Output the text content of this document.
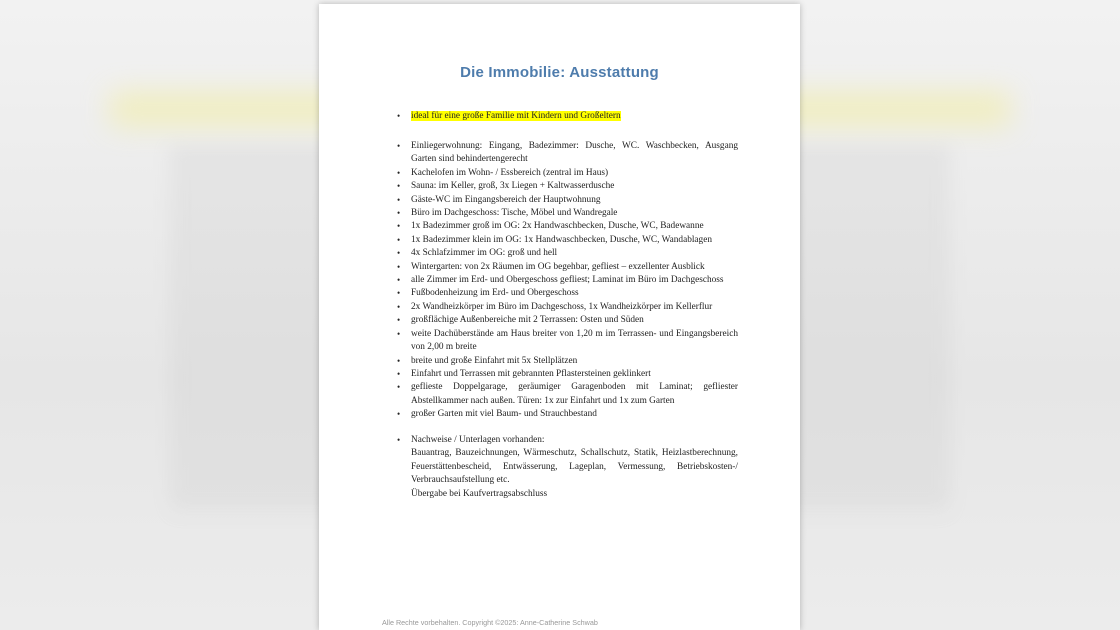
Die Immobilie: Ausstattung
• ideal für eine große Familie mit Kindern und Großeltern
• Einliegerwohnung: Eingang, Badezimmer: Dusche, WC. Waschbecken, Ausgang Garten sind behindertengerecht
• Kachelofen im Wohn- / Essbereich (zentral im Haus)
• Sauna: im Keller, groß, 3x Liegen + Kaltwasserdusche
• Gäste-WC im Eingangsbereich der Hauptwohnung
• Büro im Dachgeschoss: Tische, Möbel und Wandregale
• 1x Badezimmer groß im OG: 2x Handwaschbecken, Dusche, WC, Badewanne
• 1x Badezimmer klein im OG: 1x Handwaschbecken, Dusche, WC, Wandablagen
• 4x Schlafzimmer im OG: groß und hell
• Wintergarten: von 2x Räumen im OG begehbar, gefliest – exzellenter Ausblick
• alle Zimmer im Erd- und Obergeschoss gefliest; Laminat im Büro im Dachgeschoss
• Fußbodenheizung im Erd- und Obergeschoss
• 2x Wandheizkörper im Büro im Dachgeschoss, 1x Wandheizkörper im Kellerflur
• großflächige Außenbereiche mit 2 Terrassen: Osten und Süden
• weite Dachüberstände am Haus breiter von 1,20 m im Terrassen- und Eingangsbereich von 2,00 m breite
• breite und große Einfahrt mit 5x Stellplätzen
• Einfahrt und Terrassen mit gebrannten Pflastersteinen geklinkert
• geflieste Doppelgarage, geräumiger Garagenboden mit Laminat; gefliester Abstellkammer nach außen. Türen: 1x zur Einfahrt und 1x zum Garten
• großer Garten mit viel Baum- und Strauchbestand
• Nachweise / Unterlagen vorhanden:
Bauantrag, Bauzeichnungen, Wärmeschutz, Schallschutz, Statik, Heizlastberechnung, Feuerstättenbescheid, Entwässerung, Lageplan, Vermessung, Betriebskosten-/ Verbrauchsaufstellung etc.
Übergabe bei Kaufvertragsabschluss
Alle Rechte vorbehalten. Copyright ©2025: Anne-Catherine Schwab
